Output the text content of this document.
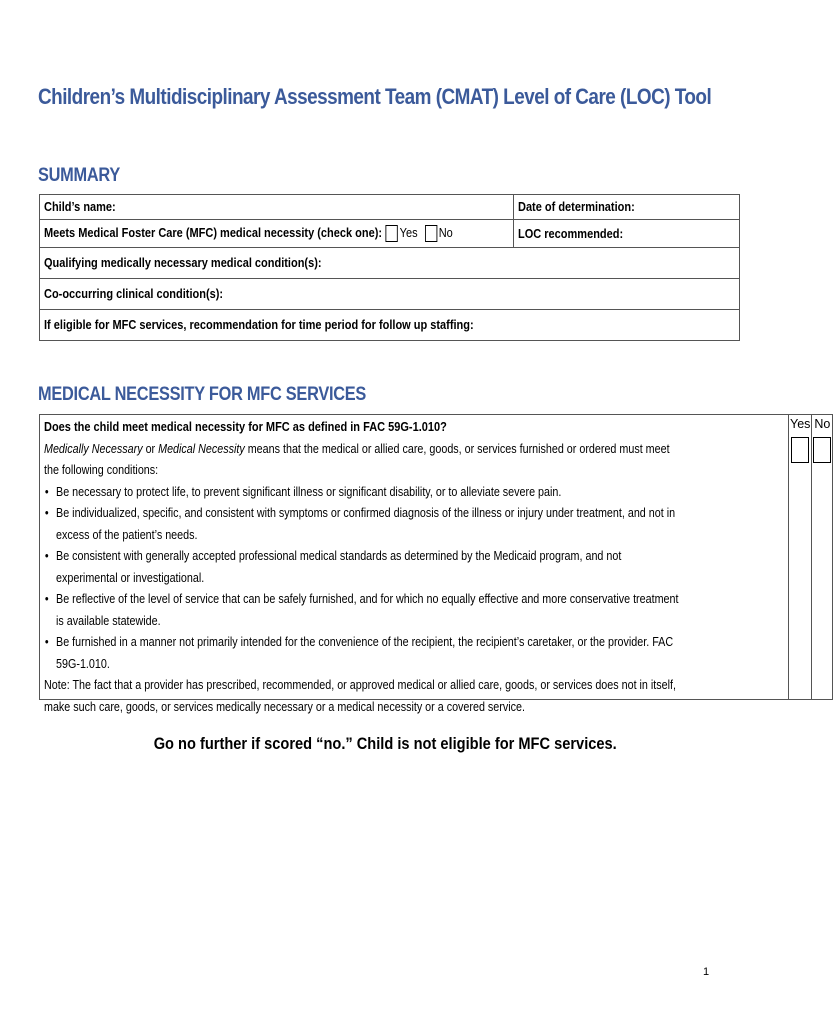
Children’s Multidisciplinary Assessment Team (CMAT) Level of Care (LOC) Tool
SUMMARY
Child’s name:	Date of determination:
Meets Medical Foster Care (MFC) medical necessity (check one): Yes No	LOC recommended:
Qualifying medically necessary medical condition(s):	
Co-occurring clinical condition(s):	
If eligible for MFC services, recommendation for time period for follow up staffing:	
MEDICAL NECESSITY FOR MFC SERVICES
Does the child meet medical necessity for MFC as defined in FAC 59G-1.010?
Medically Necessary or Medical Necessity means that the medical or allied care, goods, or services furnished or ordered must meet the following conditions:
• Be necessary to protect life, to prevent significant illness or significant disability, or to alleviate severe pain.
• Be individualized, specific, and consistent with symptoms or confirmed diagnosis of the illness or injury under treatment, and not in excess of the patient’s needs.
• Be consistent with generally accepted professional medical standards as determined by the Medicaid program, and not experimental or investigational.
• Be reflective of the level of service that can be safely furnished, and for which no equally effective and more conservative treatment is available statewide.
• Be furnished in a manner not primarily intended for the convenience of the recipient, the recipient’s caretaker, or the provider. FAC 59G-1.010.
Note: The fact that a provider has prescribed, recommended, or approved medical or allied care, goods, or services does not in itself, make such care, goods, or services medically necessary or a medical necessity or a covered service.

Yes	No
Go no further if scored “no.” Child is not eligible for MFC services.
1
